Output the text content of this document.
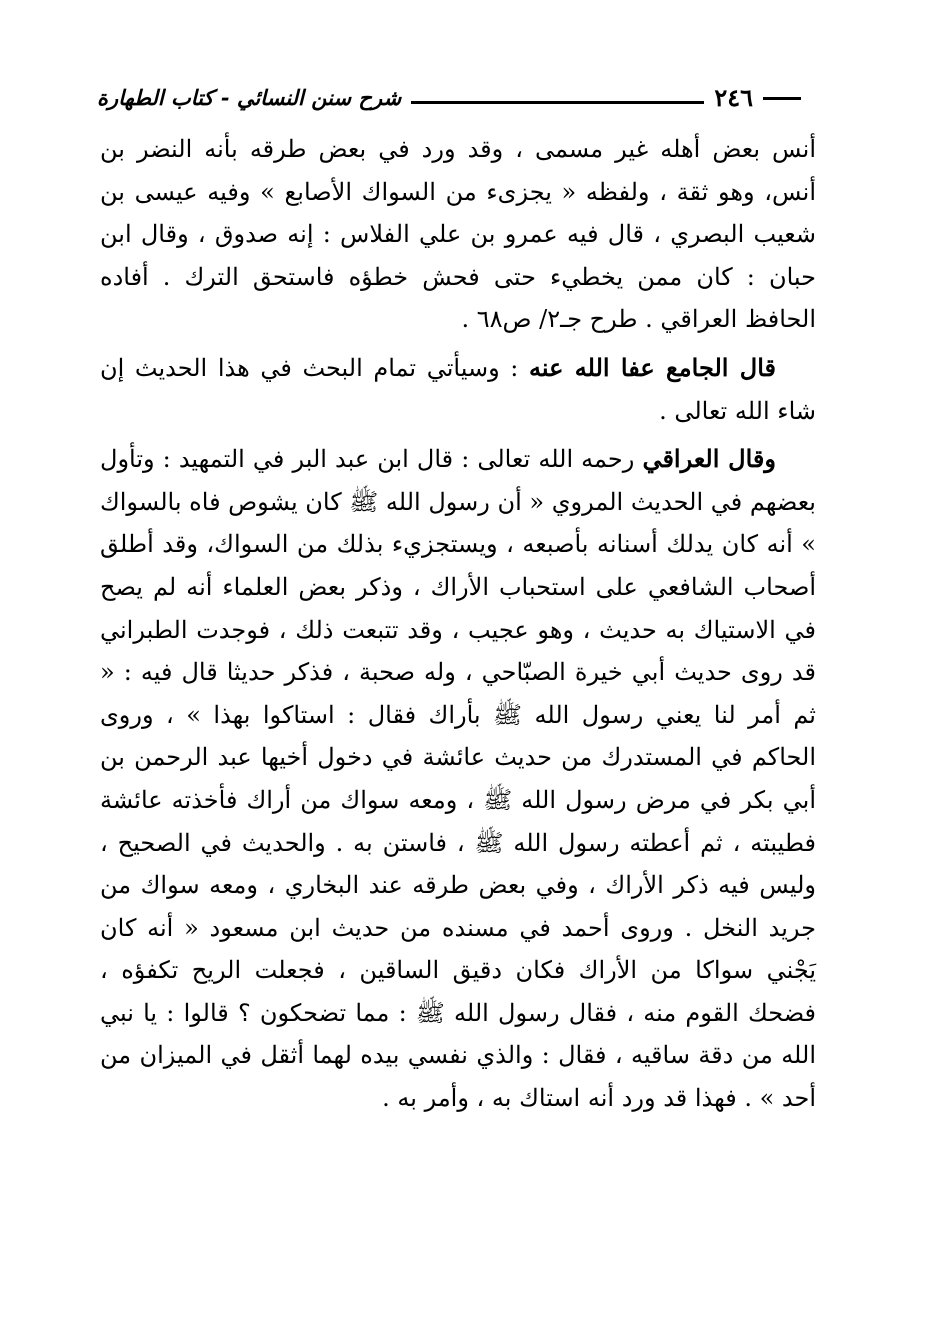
٢٤٦
شرح سنن النسائي - كتاب الطهارة

أنس بعض أهله غير مسمى ، وقد ورد في بعض طرقه بأنه النضر بن أنس، وهو ثقة ، ولفظه « يجزىء من السواك الأصابع » وفيه عيسى بن شعيب البصري ، قال فيه عمرو بن علي الفلاس : إنه صدوق ، وقال ابن حبان : كان ممن يخطيء حتى فحش خطؤه فاستحق الترك . أفاده الحافظ العراقي . طرح جـ٢/ ص٦٨ .

قال الجامع عفا الله عنه : وسيأتي تمام البحث في هذا الحديث إن شاء الله تعالى .

وقال العراقي رحمه الله تعالى : قال ابن عبد البر في التمهيد : وتأول بعضهم في الحديث المروي « أن رسول الله ﷺ كان يشوص فاه بالسواك » أنه كان يدلك أسنانه بأصبعه ، ويستجزيء بذلك من السواك، وقد أطلق أصحاب الشافعي على استحباب الأراك ، وذكر بعض العلماء أنه لم يصح في الاستياك به حديث ، وهو عجيب ، وقد تتبعت ذلك ، فوجدت الطبراني قد روى حديث أبي خيرة الصبّاحي ، وله صحبة ، فذكر حديثا قال فيه : « ثم أمر لنا يعني رسول الله ﷺ بأراك فقال : استاكوا بهذا » ، وروى الحاكم في المستدرك من حديث عائشة في دخول أخيها عبد الرحمن بن أبي بكر في مرض رسول الله ﷺ ، ومعه سواك من أراك فأخذته عائشة فطيبته ، ثم أعطته رسول الله ﷺ ، فاستن به . والحديث في الصحيح ، وليس فيه ذكر الأراك ، وفي بعض طرقه عند البخاري ، ومعه سواك من جريد النخل . وروى أحمد في مسنده من حديث ابن مسعود « أنه كان يَجْني سواكا من الأراك فكان دقيق الساقين ، فجعلت الريح تكفؤه ، فضحك القوم منه ، فقال رسول الله ﷺ : مما تضحكون ؟ قالوا : يا نبي الله من دقة ساقيه ، فقال : والذي نفسي بيده لهما أثقل في الميزان من أحد » . فهذا قد ورد أنه استاك به ، وأمر به .
